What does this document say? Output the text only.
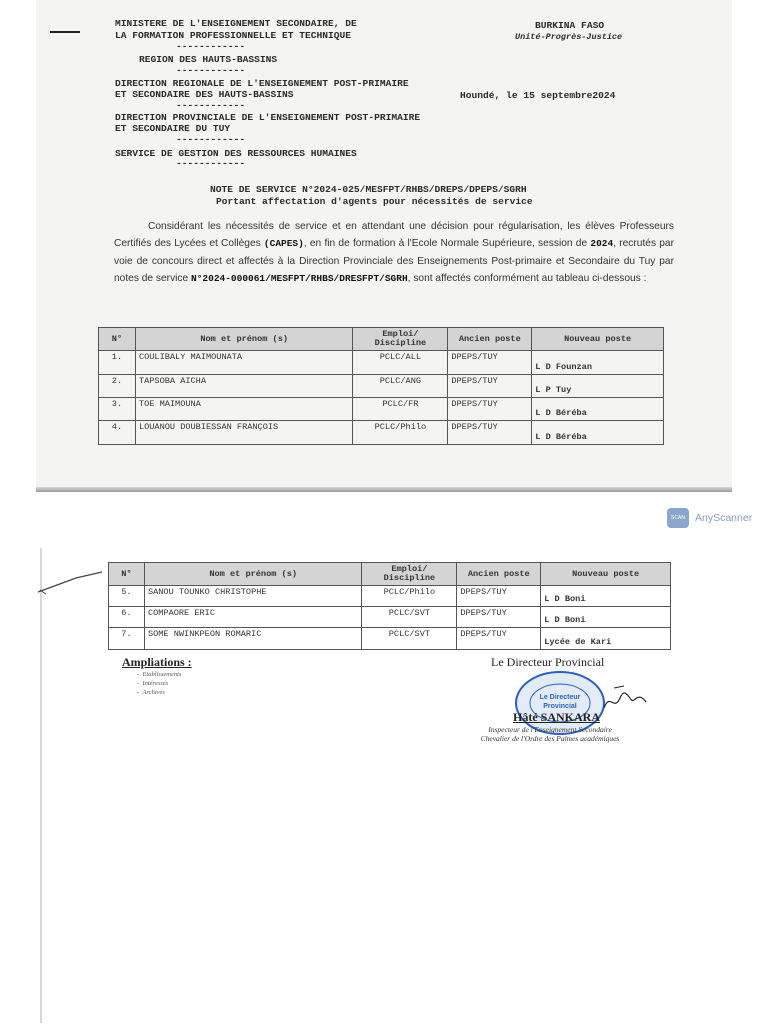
MINISTERE DE L'ENSEIGNEMENT SECONDAIRE, DE
LA FORMATION PROFESSIONNELLE ET TECHNIQUE
------------
REGION DES HAUTS-BASSINS
------------
DIRECTION REGIONALE DE L'ENSEIGNEMENT POST-PRIMAIRE
ET SECONDAIRE DES HAUTS-BASSINS
------------
DIRECTION PROVINCIALE DE L'ENSEIGNEMENT POST-PRIMAIRE
ET SECONDAIRE DU TUY
------------
SERVICE DE GESTION DES RESSOURCES HUMAINES
------------
BURKINA FASO
Unité-Progrès-Justice
Houndé, le 15 septembre2024
NOTE DE SERVICE N°2024-025/MESFPT/RHBS/DREPS/DPEPS/SGRH
Portant affectation d'agents pour nécessités de service

Considérant les nécessités de service et en attendant une décision pour régularisation, les élèves Professeurs Certifiés des Lycées et Collèges (CAPES), en fin de formation à l'Ecole Normale Supérieure, session de 2024, recrutés par voie de concours direct et affectés à la Direction Provinciale des Enseignements Post-primaire et Secondaire du Tuy par notes de service N°2024-000061/MESFPT/RHBS/DRESFPT/SGRH, sont affectés conformément au tableau ci-dessous :

N°	Nom et prénom (s)	Emploi/
Discipline	Ancien poste	Nouveau poste
1.	COULIBALY MAIMOUNATA	PCLC/ALL	DPEPS/TUY	L D Founzan
2.	TAPSOBA AICHA	PCLC/ANG	DPEPS/TUY	L P Tuy
3.	TOE MAIMOUNA	PCLC/FR	DPEPS/TUY	L D Béréba
4.	LOUANOU DOUBIESSAN FRANÇOIS	PCLC/Philo	DPEPS/TUY	L D Béréba
SCAN AnyScanner
N°	Nom et prénom (s)	Emploi/
Discipline	Ancien poste	Nouveau poste
5.	SANOU TOUNKO CHRISTOPHE	PCLC/Philo	DPEPS/TUY	L D Boni
6.	COMPAORE ERIC	PCLC/SVT	DPEPS/TUY	L D Boni
7.	SOME NWINKPEON ROMARIC	PCLC/SVT	DPEPS/TUY	Lycée de Kari
Ampliations :
-  Etablissements
-  Intéressés
-  Archives
Le Directeur Provincial
Le Directeur
Provincial
Hâté SANKARA
Inspecteur de l'Enseignement Secondaire
Chevalier de l'Ordre des Palmes académiques
